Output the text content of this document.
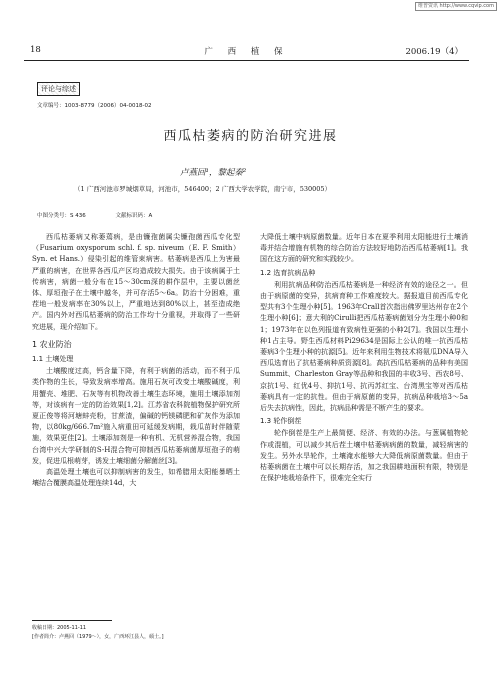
维普资讯 http://www.cqvip.com
18	广 西 植 保	2006.19（4）
评论与综述
文章编号：1003-8779（2006）04-0018-02
西瓜枯萎病的防治研究进展
卢燕回¹，黎起秦²
（1 广西河池市罗城烟草局，河池市，546400；2 广西大学农学院，南宁市，530005）
中图分类号：S 436	文献标识码：A

西瓜枯萎病又称萎蔫病，是由镰孢菌属尖镰孢菌西瓜专化型（Fusarium oxysporum schl. f. sp. niveum（E. F. Smith）Syn. et Hans.）侵染引起的维管束病害。枯萎病是西瓜上为害最严重的病害，在世界各西瓜产区均造成较大损失。由于该病属于土传病害，病菌一般分布在15～30cm深的耕作层中，主要以菌丝体、厚垣孢子在土壤中越冬，并可存活5～6a。防治十分困难，重茬地一般发病率在30%以上，严重地达到80%以上，甚至造成绝产。国内外对西瓜枯萎病的防治工作均十分重视，并取得了一些研究进展，现介绍如下。

1 农业防治
1.1 土壤处理

土壤酸度过高，钙含量下降，有利于病菌的活动，而不利于瓜类作物的生长，导致发病率增高。施用石灰可改变土壤酸碱度，利用蟹壳、堆肥、石灰等有机物改善土壤生态环境，施用土壤添加剂等，对该病有一定的防治效果[1,2]。江苏省农科院植物保护研究所夏正俊等将河塘蚌壳粉，甘蔗渣，偏碱的钙镁磷肥和矿灰作为添加物，以80kg/666.7m²施入病重田可延缓发病期，栽瓜苗时伴随蒙施，效果更佳[2]。土壤添加剂是一种有机、无机营养混合物，我国台湾中兴大学研制的S-H混合物可抑制西瓜枯萎病菌厚垣孢子的萌发，促进瓜根萌芽，诱发土壤细菌分解菌丝[3]。

高温处理土壤也可以抑制病害的发生，如希腊用太阳能暴晒土壤结合覆膜高温处理连续14d，大

大降低土壤中病原菌数量。近年日本在夏季利用太阳能进行土壤消毒并结合增施有机物的综合防治方法较好地防治西瓜枯萎病[1]。我国在这方面的研究和实践较少。

1.2 选育抗病品种

利用抗病品种防治西瓜枯萎病是一种经济有效的途径之一。但由于病原菌的变异，抗病育种工作难度较大。据报道目前西瓜专化型共有3个生理小种[5]。1963年Crall首次指出佛罗里达州存在2个生理小种[6]；意大利的Cirulli把西瓜枯萎病菌划分为生理小种0和1；1973年在以色列报道有致病性更强的小种2[7]。我国以生理小种1占主导。野生西瓜材料Pi29634是国际上公认的唯一抗西瓜枯萎病3个生理小种的抗源[5]。近年来利用生物技术将氨瓜DNA导入西瓜选育出了抗枯萎病种质资源[8]。高抗西瓜枯萎病的品种有美国Summit、Charleston Gray等品种和我国的丰收3号、西农8号、京抗1号、红优4号、抑抗1号、抗丙苏红宝、台湾黑宝等对西瓜枯萎病具有一定的抗性。但由于病原菌的变异，抗病品种栽培3～5a后失去抗病性，因此，抗病品种需是不断产生的要求。

1.3 轮作倒茬

轮作倒茬是生产上最简便、经济、有效的办法。与葱属植物轮作或混植，可以减少其后茬土壤中枯萎病病菌的数量，减轻病害的发生。另外水旱轮作，土壤淹水能够大大降低病原菌数量。但由于枯萎病菌在土壤中可以长期存活，加之我国耕地面积有限，特别是在保护地栽培条件下，很难完全实行

收稿日期：2005-11-11
[作者简介：卢燕回（1979～），女，广西环江县人，硕士。]
